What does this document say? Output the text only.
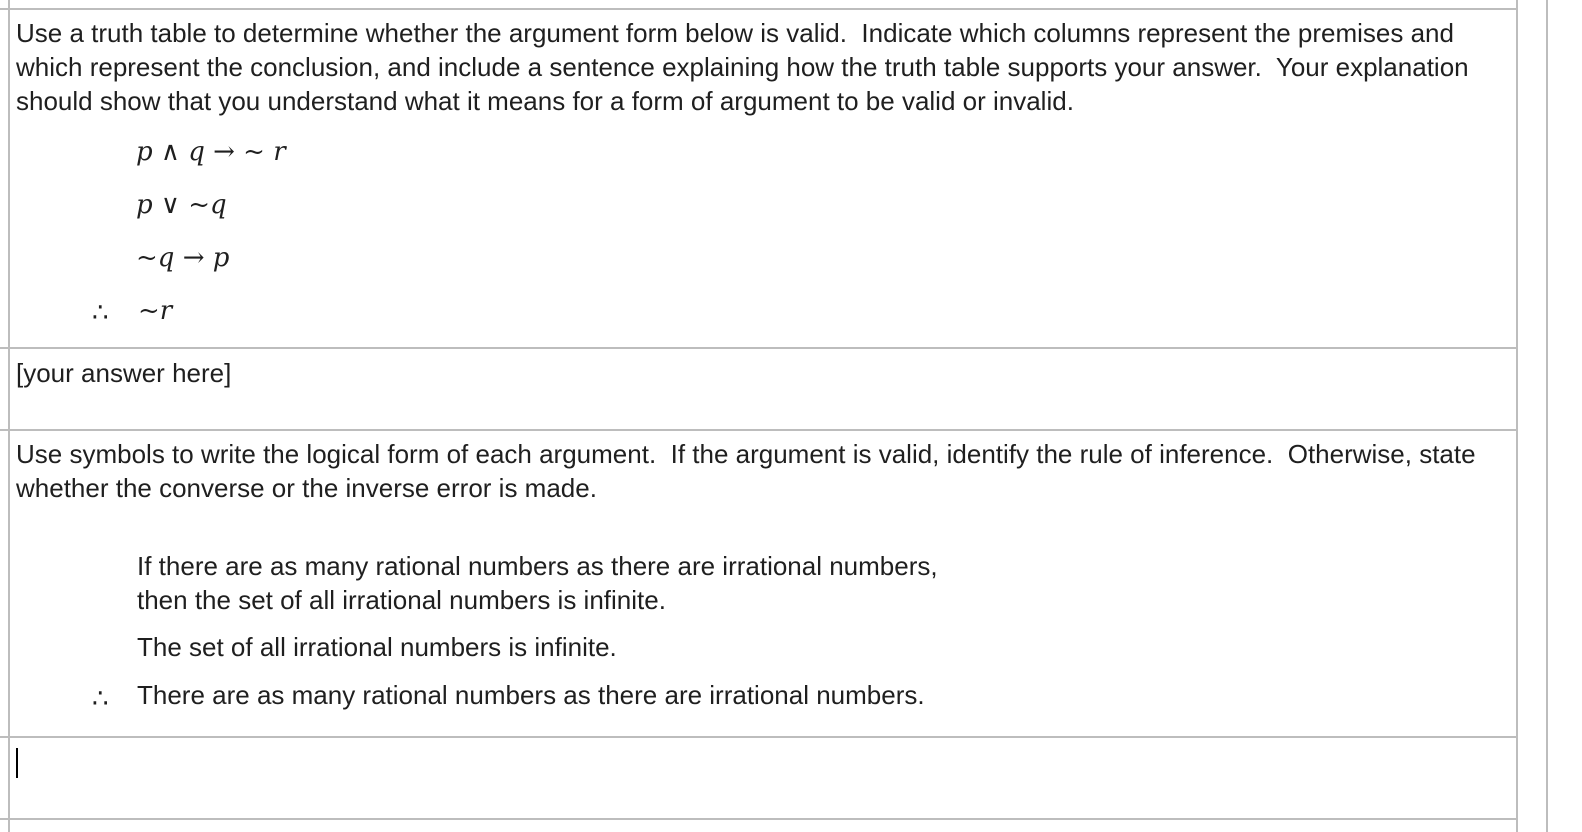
Use a truth table to determine whether the argument form below is valid.  Indicate which columns represent the premises and which represent the conclusion, and include a sentence explaining how the truth table supports your answer.  Your explanation should show that you understand what it means for a form of argument to be valid or invalid.
p ∧ q → ~ r
p ∨ ~q
~q → p
∴ ~r
[your answer here]
Use symbols to write the logical form of each argument.  If the argument is valid, identify the rule of inference.  Otherwise, state whether the converse or the inverse error is made.
If there are as many rational numbers as there are irrational numbers,
then the set of all irrational numbers is infinite.
The set of all irrational numbers is infinite.
∴ There are as many rational numbers as there are irrational numbers.
